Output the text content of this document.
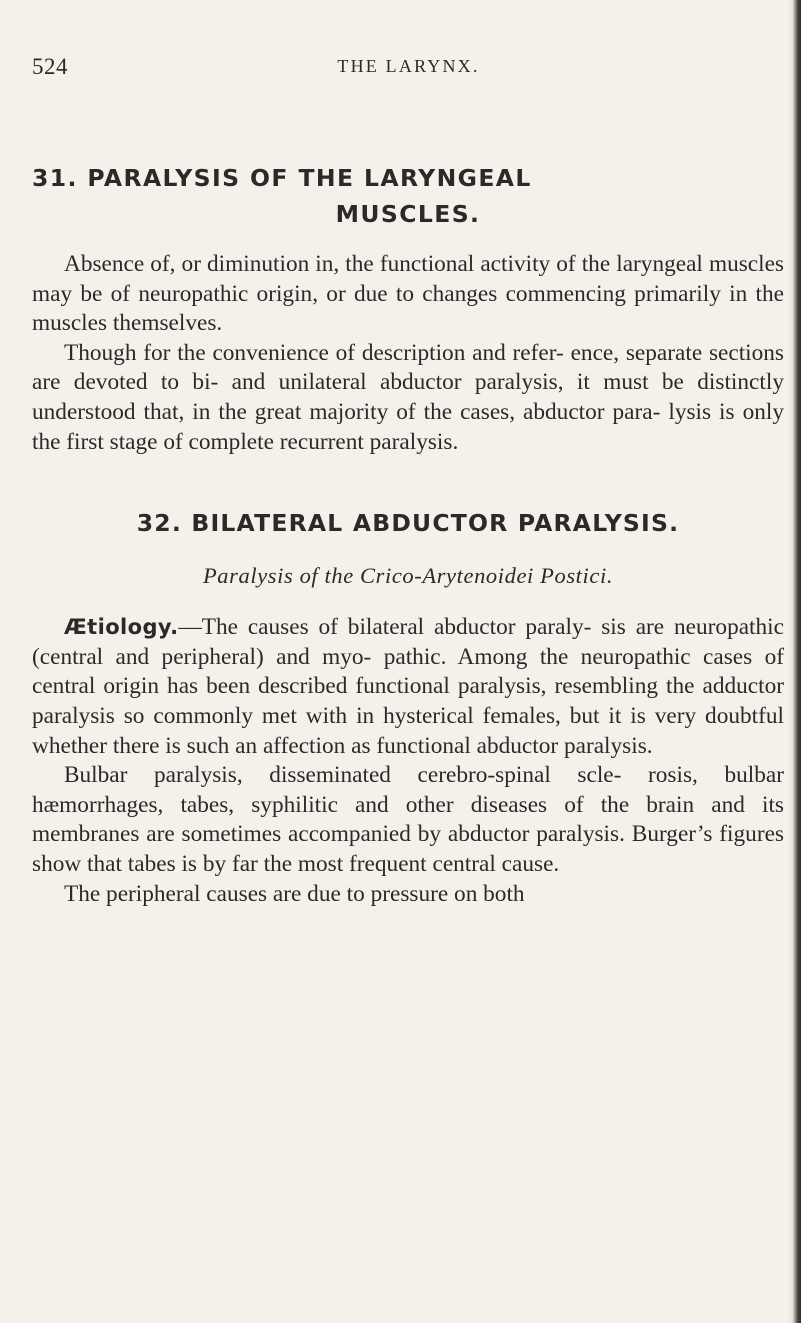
524	THE LARYNX.
31. PARALYSIS OF THE LARYNGEAL
MUSCLES.

Absence of, or diminution in, the functional activity of the laryngeal muscles may be of neuropathic origin, or due to changes commencing primarily in the muscles themselves.

Though for the convenience of description and refer- ence, separate sections are devoted to bi- and unilateral abductor paralysis, it must be distinctly understood that, in the great majority of the cases, abductor para- lysis is only the first stage of complete recurrent paralysis.

32. BILATERAL ABDUCTOR PARALYSIS.
Paralysis of the Crico-Arytenoidei Postici.

Ætiology.—The causes of bilateral abductor paraly- sis are neuropathic (central and peripheral) and myo- pathic. Among the neuropathic cases of central origin has been described functional paralysis, resembling the adductor paralysis so commonly met with in hysterical females, but it is very doubtful whether there is such an affection as functional abductor paralysis.

Bulbar paralysis, disseminated cerebro-spinal scle- rosis, bulbar hæmorrhages, tabes, syphilitic and other diseases of the brain and its membranes are sometimes accompanied by abductor paralysis. Burger’s figures show that tabes is by far the most frequent central cause.

The peripheral causes are due to pressure on both
